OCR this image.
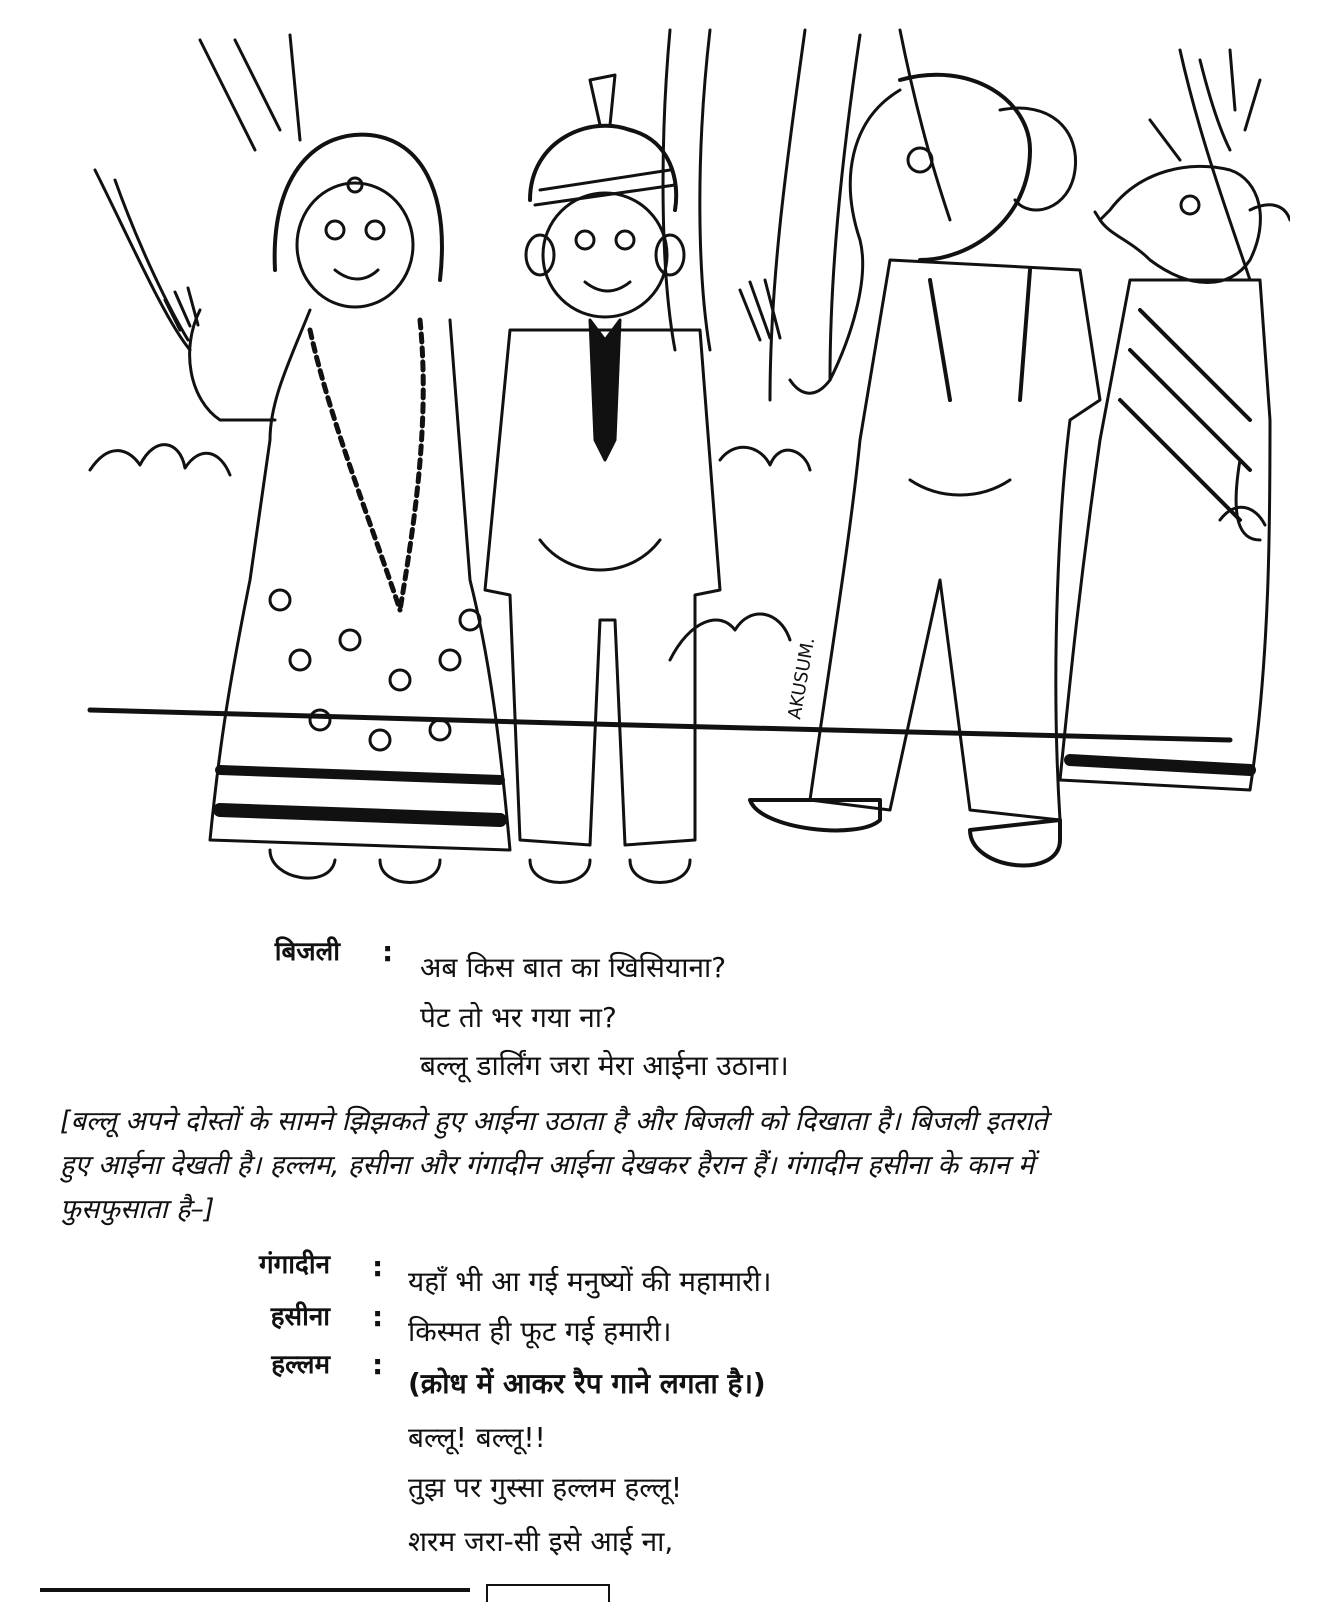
AKUSUM.
बिजली : अब किस बात का खिसियाना?
पेट तो भर गया ना?
बल्लू डार्लिंग जरा मेरा आईना उठाना।
[बल्लू अपने दोस्तों के सामने झिझकते हुए आईना उठाता है और बिजली को दिखाता है। बिजली इतराते
हुए आईना देखती है। हल्लम, हसीना और गंगादीन आईना देखकर हैरान हैं। गंगादीन हसीना के कान में
फुसफुसाता है–]
गंगादीन : यहाँ भी आ गई मनुष्यों की महामारी।
हसीना : किस्मत ही फूट गई हमारी।
हल्लम :
(क्रोध में आकर रैप गाने लगता है।)
बल्लू! बल्लू!!
तुझ पर गुस्सा हल्लम हल्लू!
शरम जरा-सी इसे आई ना,
